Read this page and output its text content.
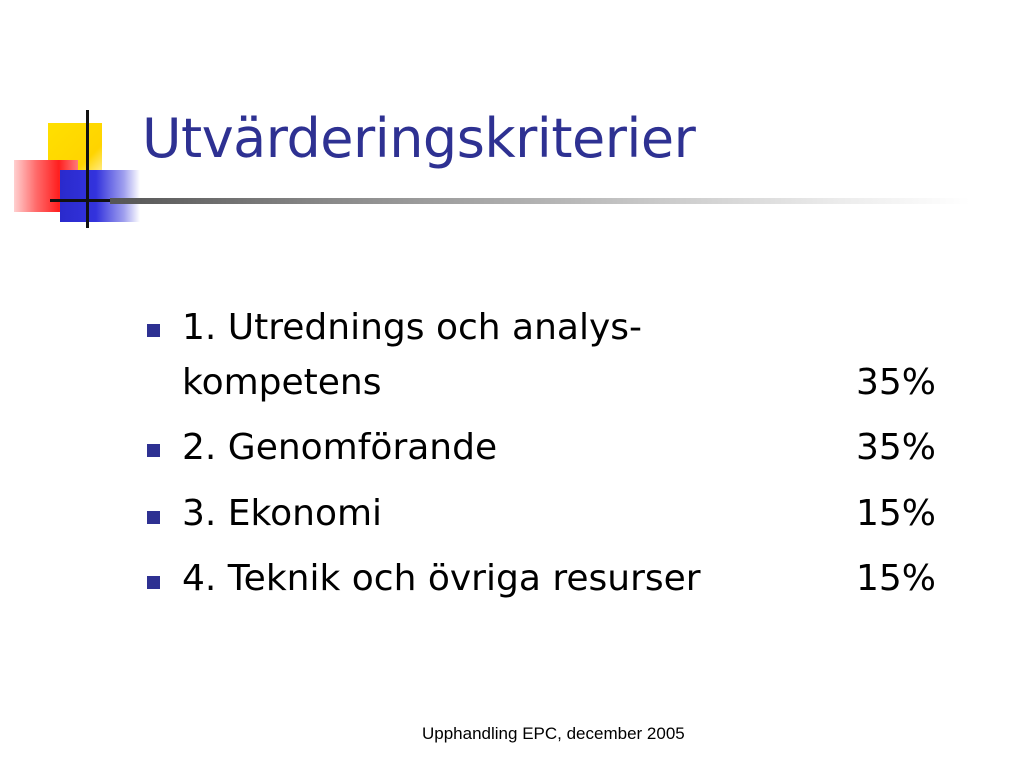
Utvärderingskriterier
1. Utrednings och analys-
kompetens	35%
2. Genomförande	35%
3. Ekonomi	15%
4. Teknik och övriga resurser	15%
Upphandling EPC, december 2005
